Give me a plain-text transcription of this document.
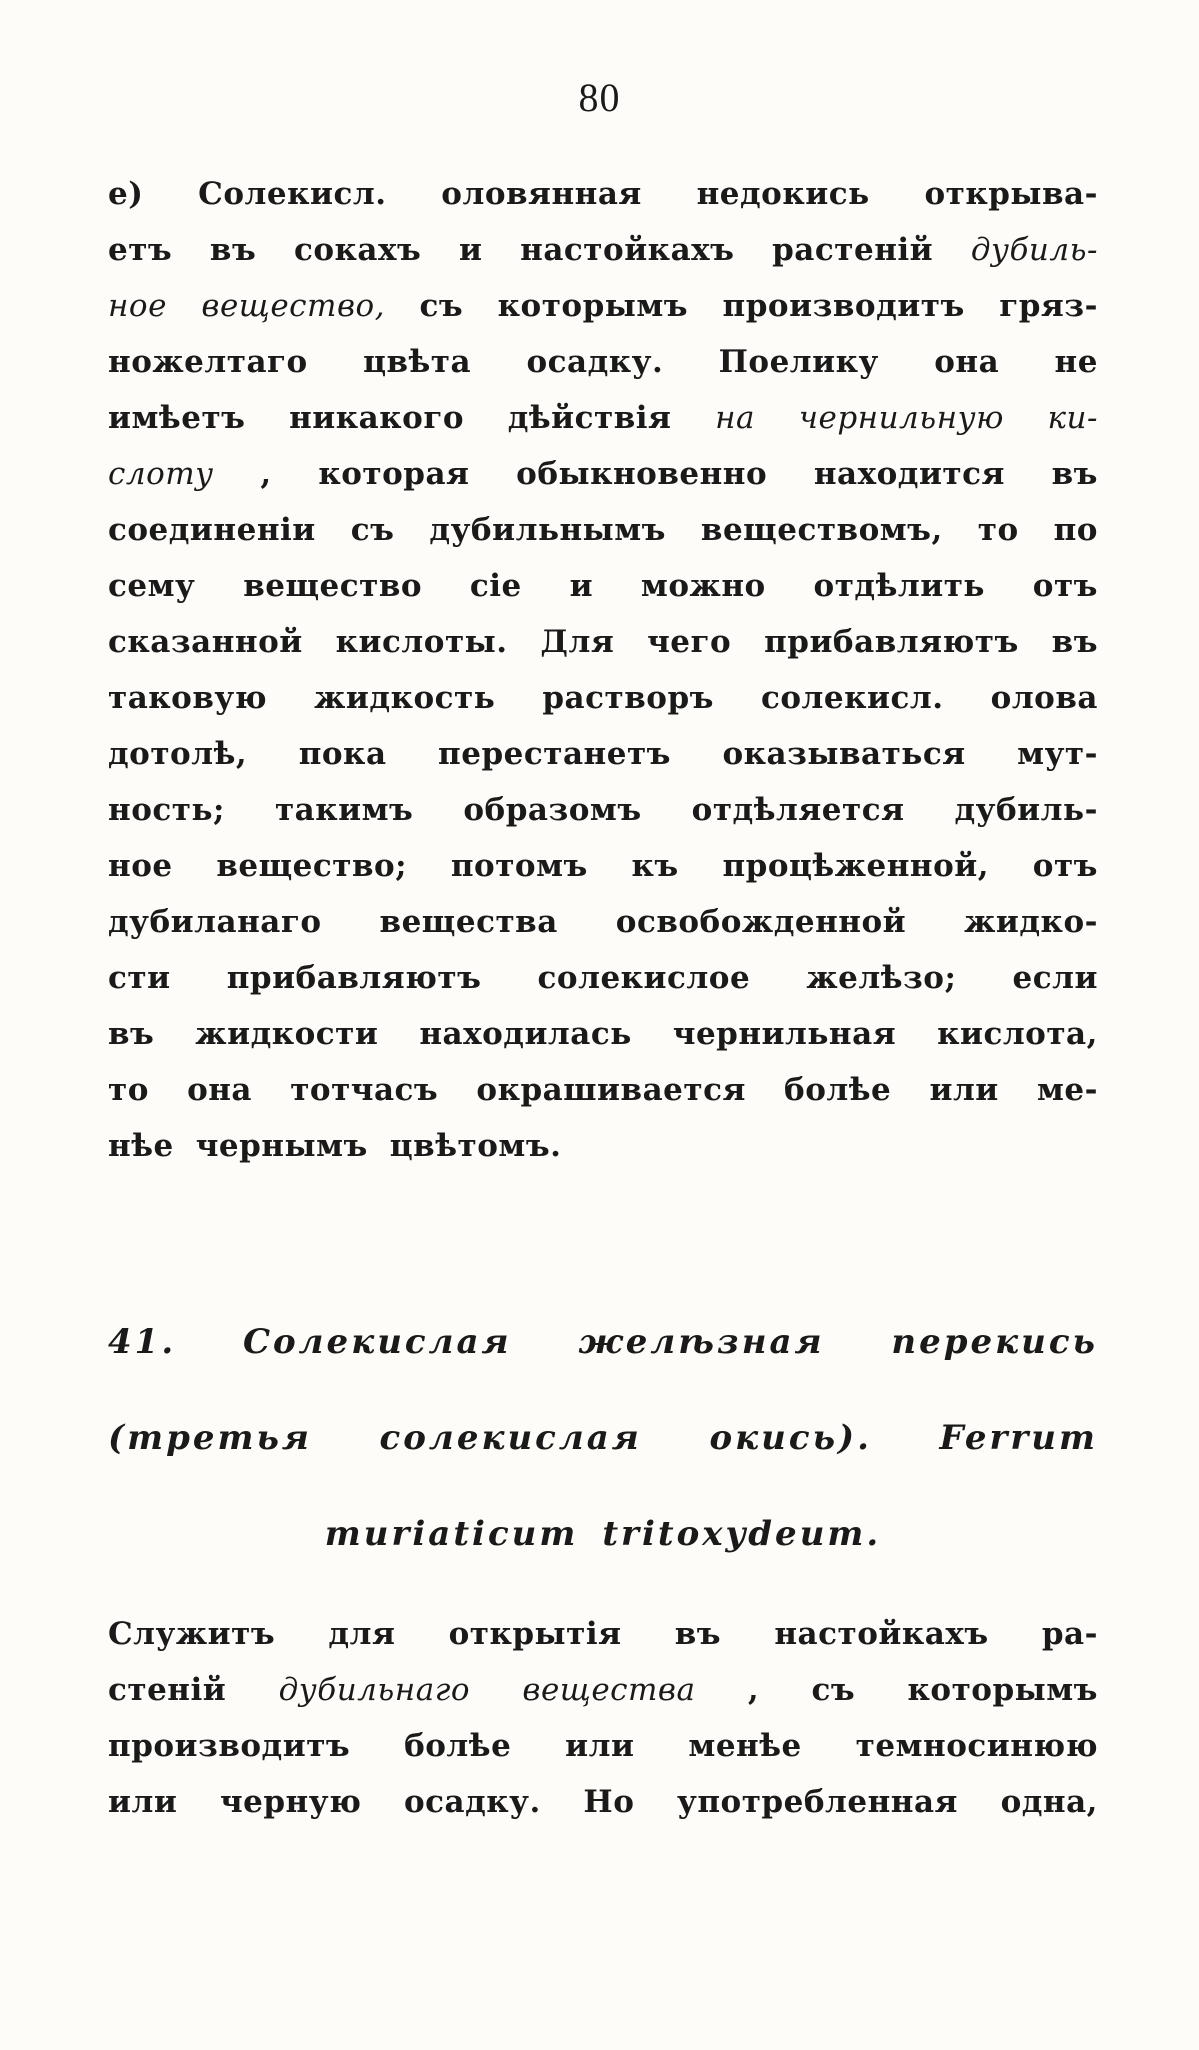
80
е) Солекисл. оловянная недокись открыва-
етъ въ сокахъ и настойкахъ растеній дубиль-
ное вещество, съ которымъ производитъ гряз-
ножелтаго цвѣта осадку. Поелику она не
имѣетъ никакого дѣйствія на чернильную ки-
слоту , которая обыкновенно находится въ
соединеніи съ дубильнымъ веществомъ, то по
сему вещество сіе и можно отдѣлить отъ
сказанной кислоты. Для чего прибавляютъ въ
таковую жидкость растворъ солекисл. олова
дотолѣ, пока перестанетъ оказываться мут-
ность; такимъ образомъ отдѣляется дубиль-
ное вещество; потомъ къ процѣженной, отъ
дубиланаго вещества освобожденной жидко-
сти прибавляютъ солекислое желѣзо; если
въ жидкости находилась чернильная кислота,
то она тотчасъ окрашивается болѣе или ме-
нѣе чернымъ цвѣтомъ.
41. Солекислая желѣзная перекись
(третья солекислая окись). Ferrum
muriaticum tritoxydeum.
Служитъ для открытія въ настойкахъ ра-
стеній дубильнаго вещества , съ которымъ
производитъ болѣе или менѣе темносинюю
или черную осадку. Но употребленная одна,
